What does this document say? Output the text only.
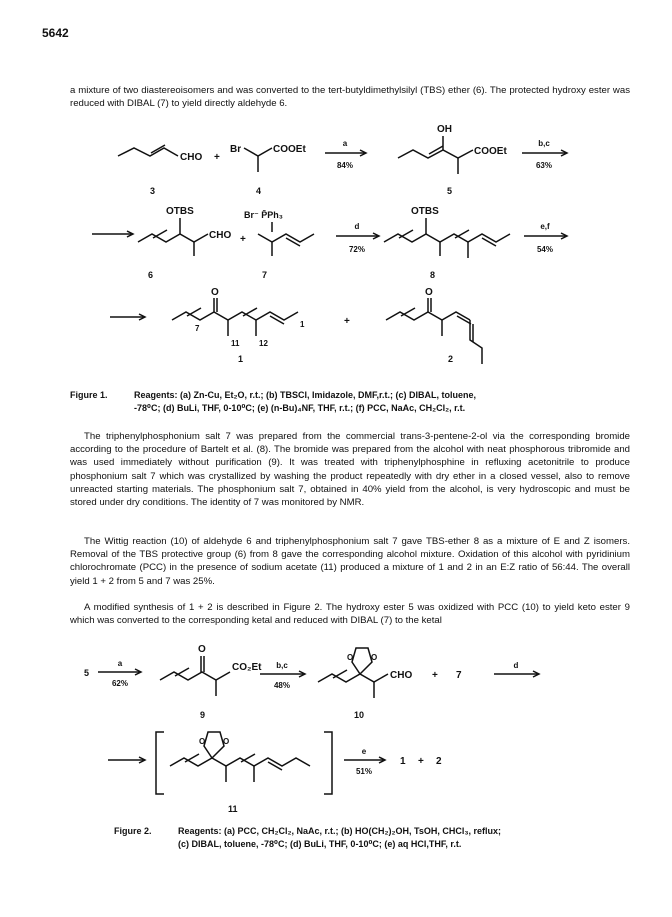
5642

a mixture of two diastereoisomers and was converted to the tert-butyldimethylsilyl (TBS) ether (6). The protected hydroxy ester was reduced with DIBAL (7) to yield directly aldehyde 6.

CHO +
Br	COOEt
a
84%
OH
COOEt
b,c
63%
3	4	5
OTBS
CHO +
Br⁻ P̄Ph₃
d
72%
OTBS
e,f
54%
6	7	8
O	O
7
11 12
1	+
1	2
Figure 1.	Reagents: (a) Zn-Cu, Et₂O, r.t.; (b) TBSCl, Imidazole, DMF,r.t.; (c) DIBAL, toluene,
-78⁰C; (d) BuLi, THF, 0-10⁰C; (e) (n-Bu)₄NF, THF, r.t.; (f) PCC, NaAc, CH₂Cl₂, r.t.

The triphenylphosphonium salt 7 was prepared from the commercial trans-3-pentene-2-ol via the corresponding bromide according to the procedure of Bartelt et al. (8). The bromide was prepared from the alcohol with neat phosphorous tribromide and was used immediately without purification (9). It was treated with triphenylphosphine in refluxing acetonitrile to produce phosphonium salt 7 which was crystallized by washing the product repeatedly with dry ether in a closed vessel, also to remove unreacted starting materials. The phosphonium salt 7, obtained in 40% yield from the alcohol, is very hydroscopic and must be stored under dry conditions. The identity of 7 was monitored by NMR.

The Wittig reaction (10) of aldehyde 6 and triphenylphosphonium salt 7 gave TBS-ether 8 as a mixture of E and Z isomers. Removal of the TBS protective group (6) from 8 gave the corresponding alcohol mixture. Oxidation of this alcohol with pyridinium chlorochromate (PCC) in the presence of sodium acetate (11) produced a mixture of 1 and 2 in an E:Z ratio of 56:44. The overall yield 1 + 2 from 5 and 7 was 25%.

A modified synthesis of 1 + 2 is described in Figure 2. The hydroxy ester 5 was oxidized with PCC (10) to yield keto ester 9 which was converted to the corresponding ketal and reduced with DIBAL (7) to the ketal

5
a
62%
O
CO₂Et b,c
48%
CHO + 7
d
9	10
O O
O O
e
51%
1 + 2
11
Figure 2.	Reagents: (a) PCC, CH₂Cl₂, NaAc, r.t.; (b) HO(CH₂)₂OH, TsOH, CHCl₃, reflux;
(c) DIBAL, toluene, -78⁰C; (d) BuLi, THF, 0-10⁰C; (e) aq HCl,THF, r.t.
